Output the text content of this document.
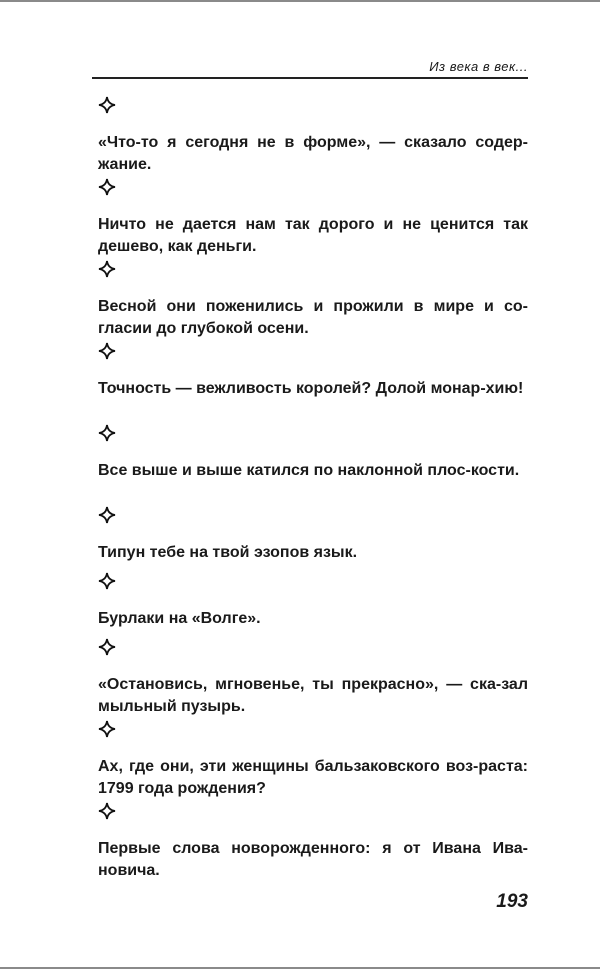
Из века в век...
«Что-то я сегодня не в форме», — сказало содер-жание.
Ничто не дается нам так дорого и не ценится так дешево, как деньги.
Весной они поженились и прожили в мире и со-гласии до глубокой осени.
Точность — вежливость королей? Долой монар-хию!
Все выше и выше катился по наклонной плос-кости.
Типун тебе на твой эзопов язык.
Бурлаки на «Волге».
«Остановись, мгновенье, ты прекрасно», — ска-зал мыльный пузырь.
Ах, где они, эти женщины бальзаковского воз-раста: 1799 года рождения?
Первые слова новорожденного: я от Ивана Ива-новича.
193
